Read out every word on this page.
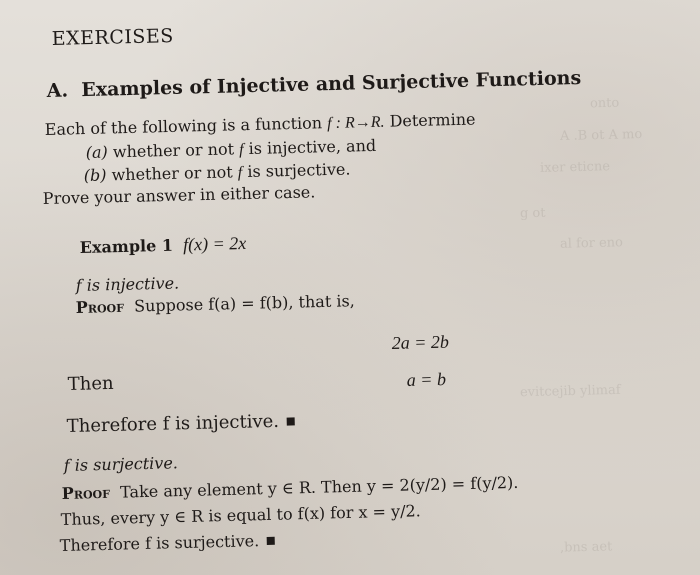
onto
A .B ot A mo
ixer eticne
g ot
al for eno
evitcejib ylimaf
,bns aet
EXERCISES
A. Examples of Injective and Surjective Functions
Each of the following is a function f : R→R. Determine
(a) whether or not f is injective, and
(b) whether or not f is surjective.
Prove your answer in either case.
Example 1 f(x) = 2x
f is injective.
Proof Suppose f(a) = f(b), that is,
2a = 2b
Then	a = b
Therefore f is injective.
f is surjective.
Proof Take any element y ∈ R. Then y = 2(y/2) = f(y/2).
Thus, every y ∈ R is equal to f(x) for x = y/2.
Therefore f is surjective.
